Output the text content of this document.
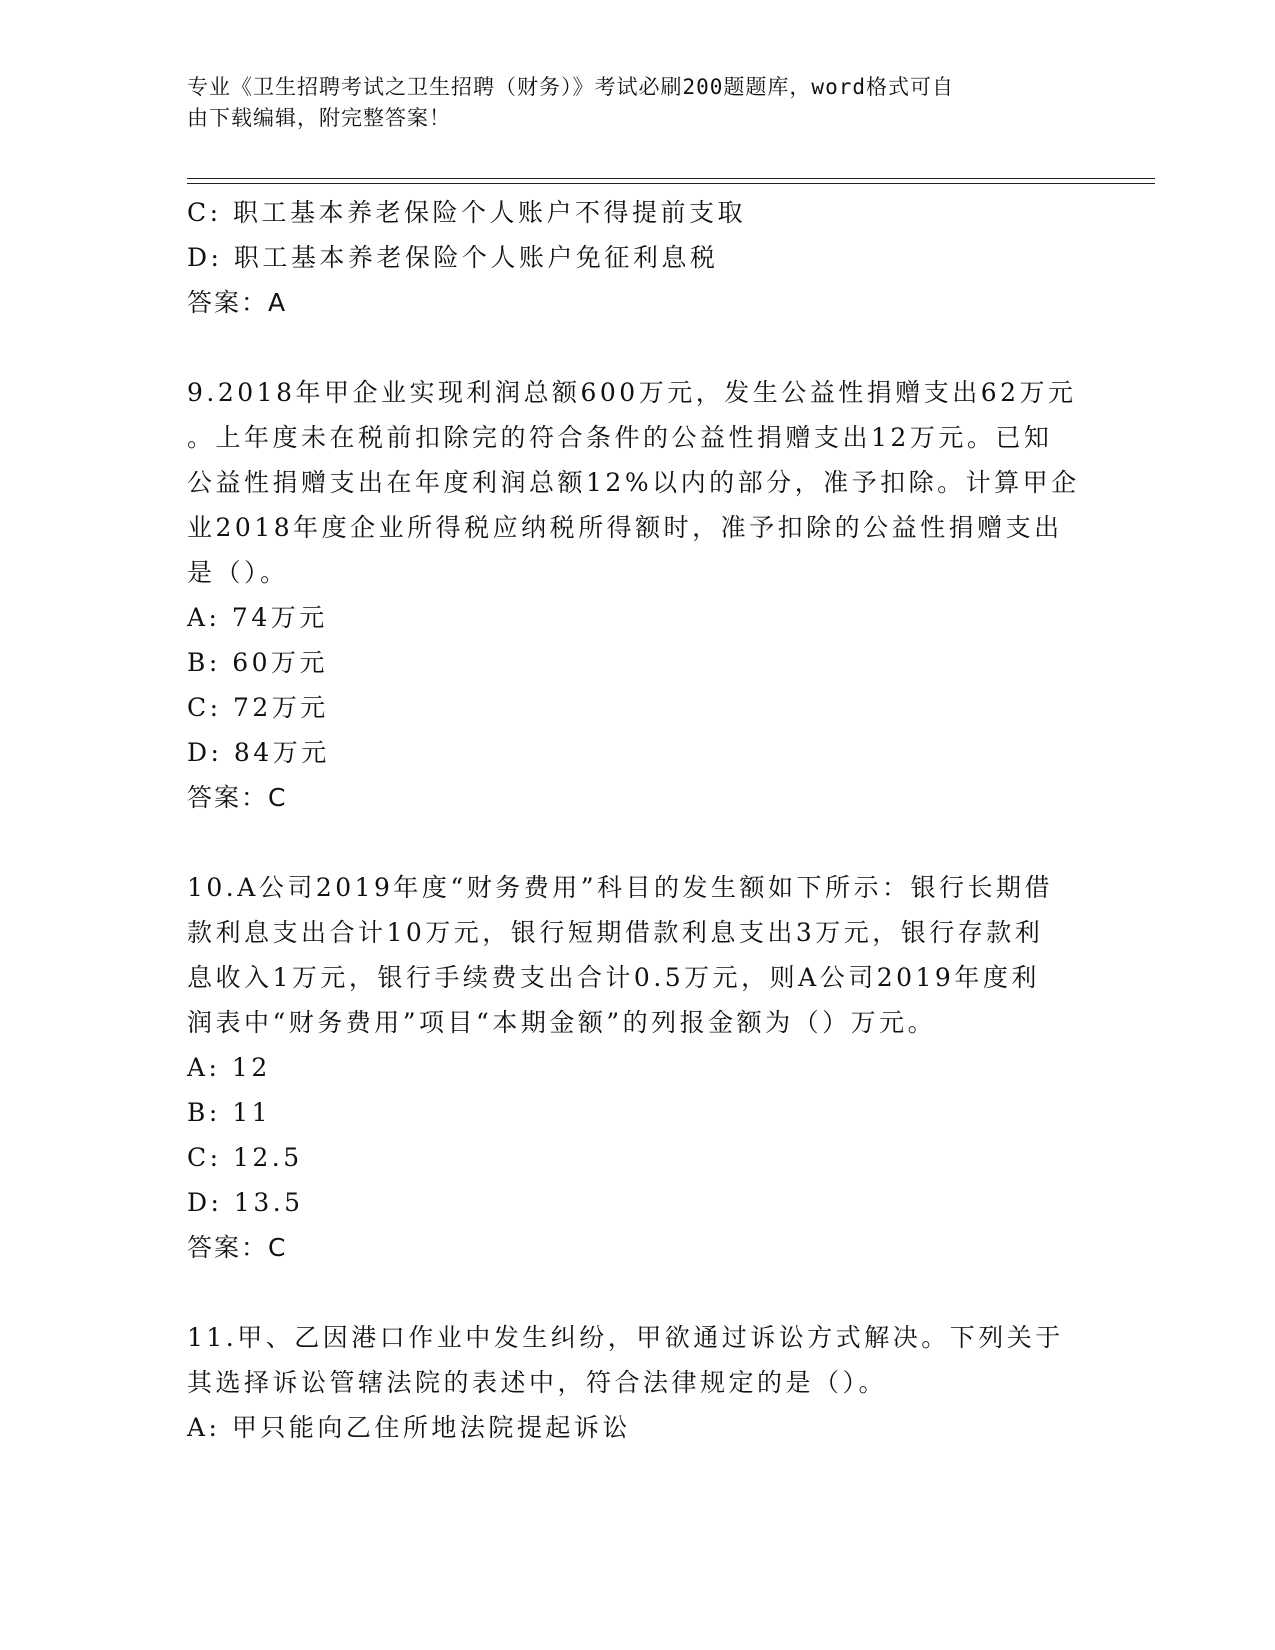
专业《卫生招聘考试之卫生招聘（财务）》考试必刷200题题库，word格式可自
由下载编辑，附完整答案！
C: 职工基本养老保险个人账户不得提前支取
D: 职工基本养老保险个人账户免征利息税
答案：A
9.2018年甲企业实现利润总额600万元，发生公益性捐赠支出62万元
。上年度未在税前扣除完的符合条件的公益性捐赠支出12万元。已知
公益性捐赠支出在年度利润总额12%以内的部分，准予扣除。计算甲企
业2018年度企业所得税应纳税所得额时，准予扣除的公益性捐赠支出
是（）。
A: 74万元
B: 60万元
C: 72万元
D: 84万元
答案：C
10.A公司2019年度“财务费用”科目的发生额如下所示：银行长期借
款利息支出合计10万元，银行短期借款利息支出3万元，银行存款利
息收入1万元，银行手续费支出合计0.5万元，则A公司2019年度利
润表中“财务费用”项目“本期金额”的列报金额为（）万元。
A: 12
B: 11
C: 12.5
D: 13.5
答案：C
11.甲、乙因港口作业中发生纠纷，甲欲通过诉讼方式解决。下列关于
其选择诉讼管辖法院的表述中，符合法律规定的是（）。
A: 甲只能向乙住所地法院提起诉讼
